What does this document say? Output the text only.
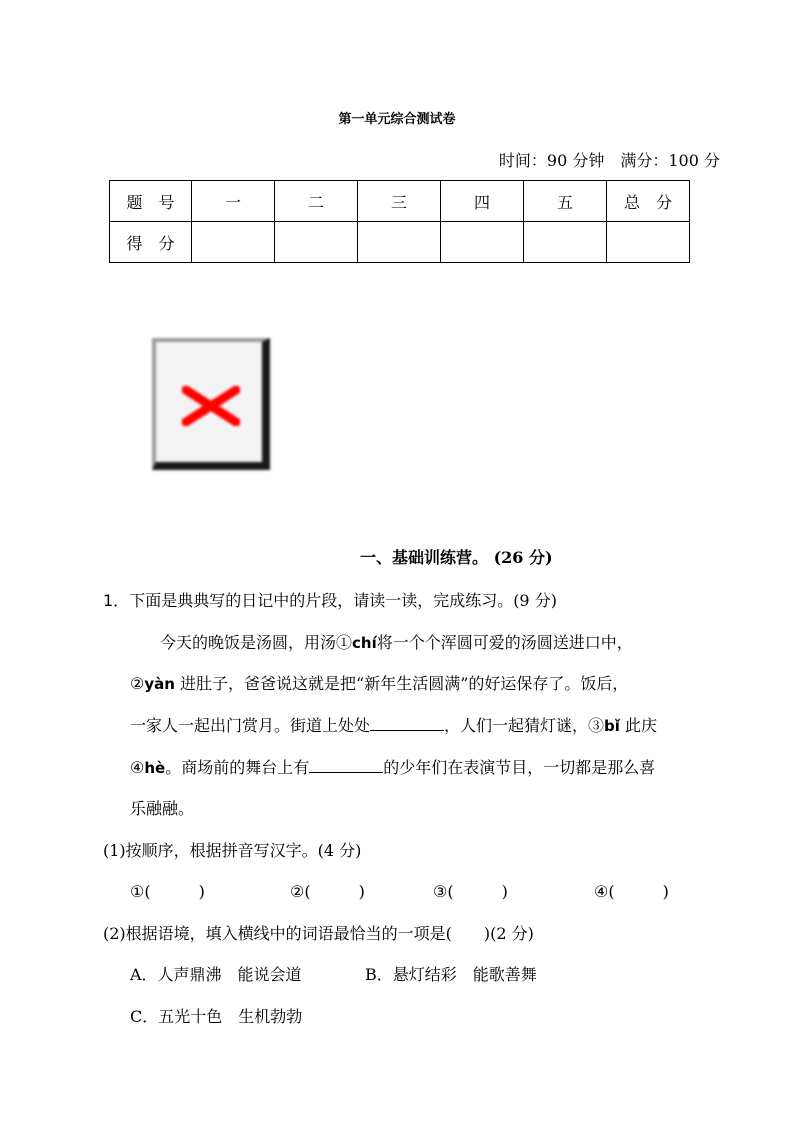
第一单元综合测试卷
时间：90 分钟　满分：100 分
题　号	一	二	三	四	五	总　分
得　分						
一、基础训练营。 (26 分)
1．下面是典典写的日记中的片段，请读一读，完成练习。(9 分)
今天的晚饭是汤圆，用汤①chí将一个个浑圆可爱的汤圆送进口中，
②yàn 进肚子，爸爸说这就是把“新年生活圆满”的好运保存了。饭后，
一家人一起出门赏月。街道上处处	，人们一起猜灯谜，③bǐ 此庆
④hè。商场前的舞台上有	的少年们在表演节目，一切都是那么喜
乐融融。
(1)按顺序，根据拼音写汉字。(4 分)
①(　　　)	②(　　　)	③(　　　)	④(　　　)
(2)根据语境，填入横线中的词语最恰当的一项是(　　)(2 分)
A．人声鼎沸　能说会道	B．悬灯结彩　能歌善舞
C．五光十色　生机勃勃
